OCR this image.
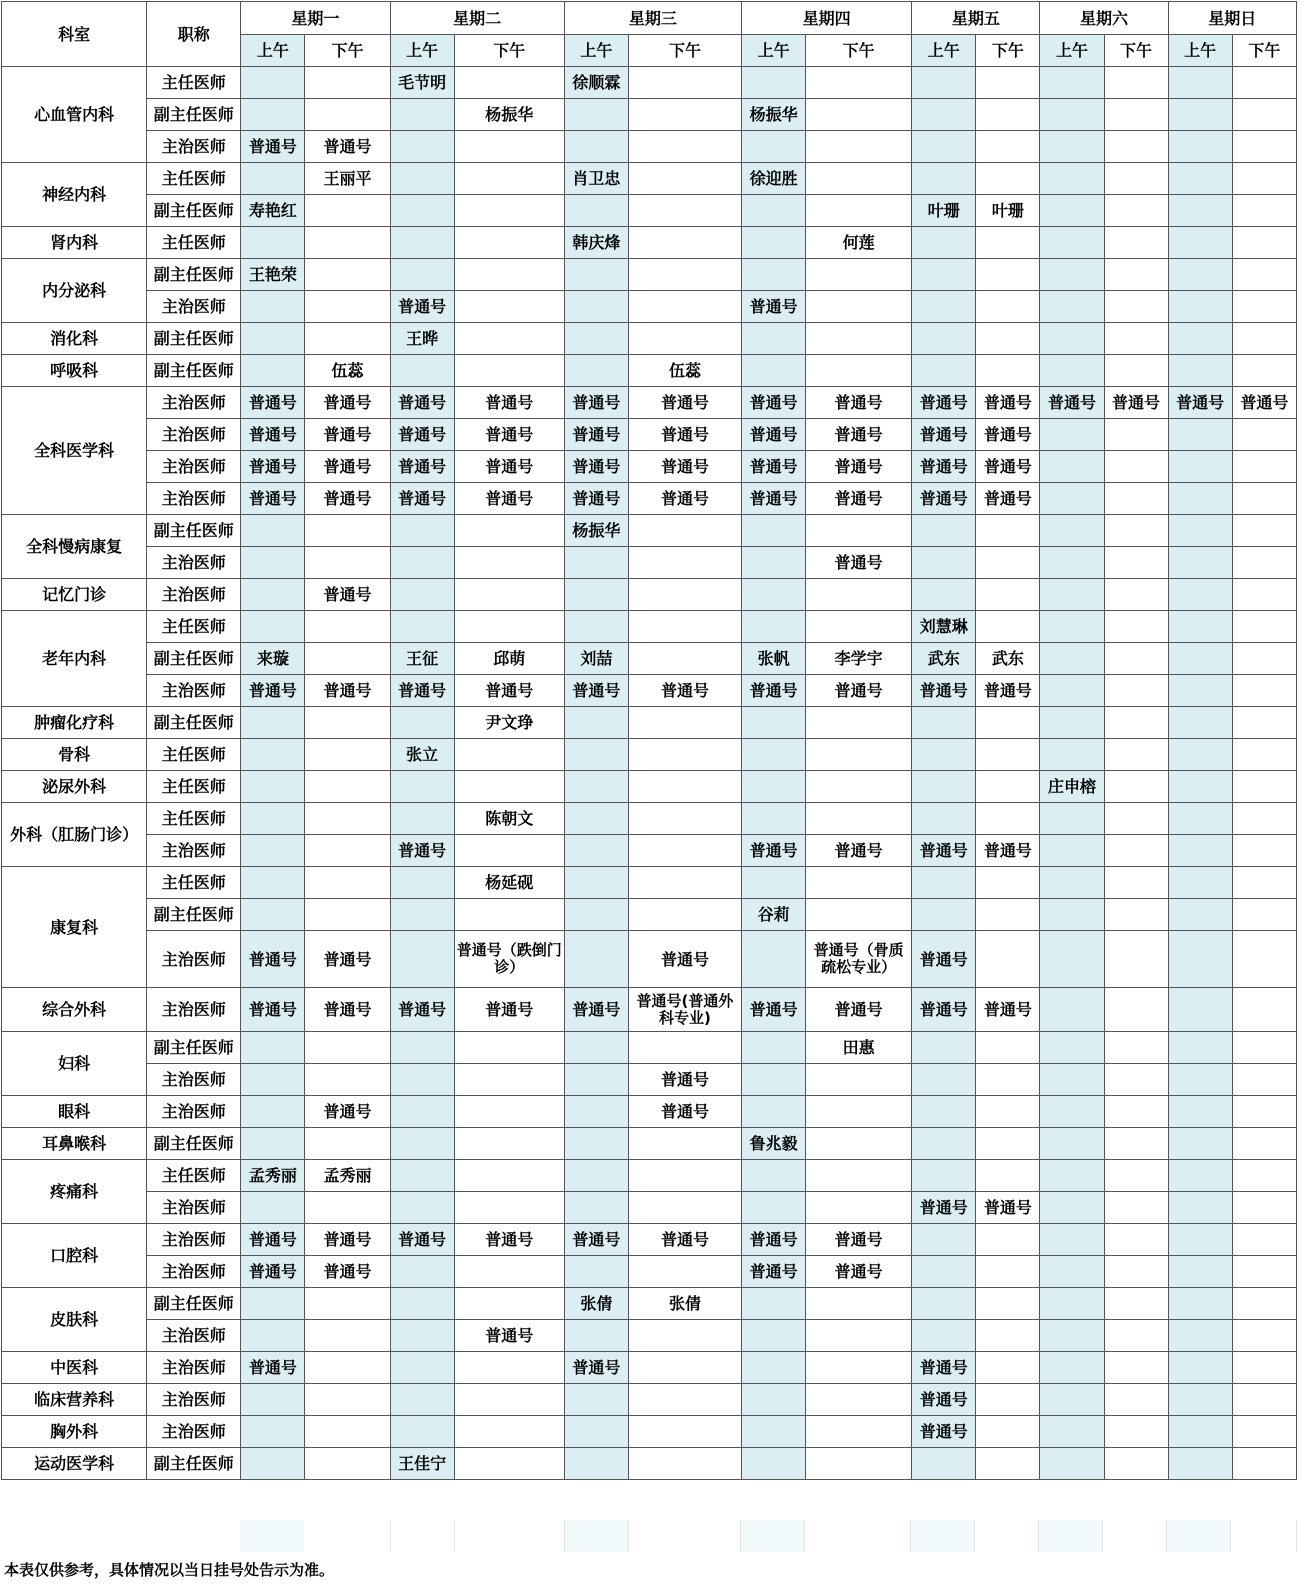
科室	职称	星期一		星期二		星期三		星期四		星期五		星期六		星期日	
		上午	下午	上午	下午	上午	下午	上午	下午	上午	下午	上午	下午	上午	下午
心血管内科	主任医师			毛节明		徐顺霖									
	副主任医师				杨振华			杨振华							
	主治医师	普通号	普通号												
神经内科	主任医师		王丽平			肖卫忠		徐迎胜							
	副主任医师	寿艳红								叶珊	叶珊				
肾内科	主任医师					韩庆烽			何莲						
内分泌科	副主任医师	王艳荣													
	主治医师			普通号				普通号							
消化科	副主任医师			王晔											
呼吸科	副主任医师		伍蕊				伍蕊								
全科医学科	主治医师	普通号	普通号	普通号	普通号	普通号	普通号	普通号	普通号	普通号	普通号	普通号	普通号	普通号	普通号
	主治医师	普通号	普通号	普通号	普通号	普通号	普通号	普通号	普通号	普通号	普通号				
	主治医师	普通号	普通号	普通号	普通号	普通号	普通号	普通号	普通号	普通号	普通号				
	主治医师	普通号	普通号	普通号	普通号	普通号	普通号	普通号	普通号	普通号	普通号				
全科慢病康复	副主任医师					杨振华									
	主治医师								普通号						
记忆门诊	主治医师		普通号												
老年内科	主任医师									刘慧琳					
	副主任医师	来璇		王征	邱萌	刘喆		张帆	李学宇	武东	武东				
	主治医师	普通号	普通号	普通号	普通号	普通号	普通号	普通号	普通号	普通号	普通号				
肿瘤化疗科	副主任医师				尹文琤										
骨科	主任医师			张立											
泌尿外科	主任医师											庄申榕			
外科（肛肠门诊）	主任医师				陈朝文										
	主治医师			普通号				普通号	普通号	普通号	普通号				
康复科	主任医师				杨延砚										
	副主任医师							谷莉							
	主治医师	普通号	普通号		普通号（跌倒门诊）		普通号		普通号（骨质疏松专业）	普通号					
综合外科	主治医师	普通号	普通号	普通号	普通号	普通号	普通号(普通外科专业)	普通号	普通号	普通号	普通号				
妇科	副主任医师								田惠						
	主治医师						普通号								
眼科	主治医师		普通号				普通号								
耳鼻喉科	副主任医师							鲁兆毅							
疼痛科	主任医师	孟秀丽	孟秀丽												
	主治医师									普通号	普通号				
口腔科	主治医师	普通号	普通号	普通号	普通号	普通号	普通号	普通号	普通号						
	主治医师	普通号	普通号					普通号	普通号						
皮肤科	副主任医师					张倩	张倩								
	主治医师				普通号										
中医科	主治医师	普通号				普通号				普通号					
临床营养科	主治医师									普通号					
胸外科	主治医师									普通号					
运动医学科	副主任医师			王佳宁											
本表仅供参考，具体情况以当日挂号处告示为准。
